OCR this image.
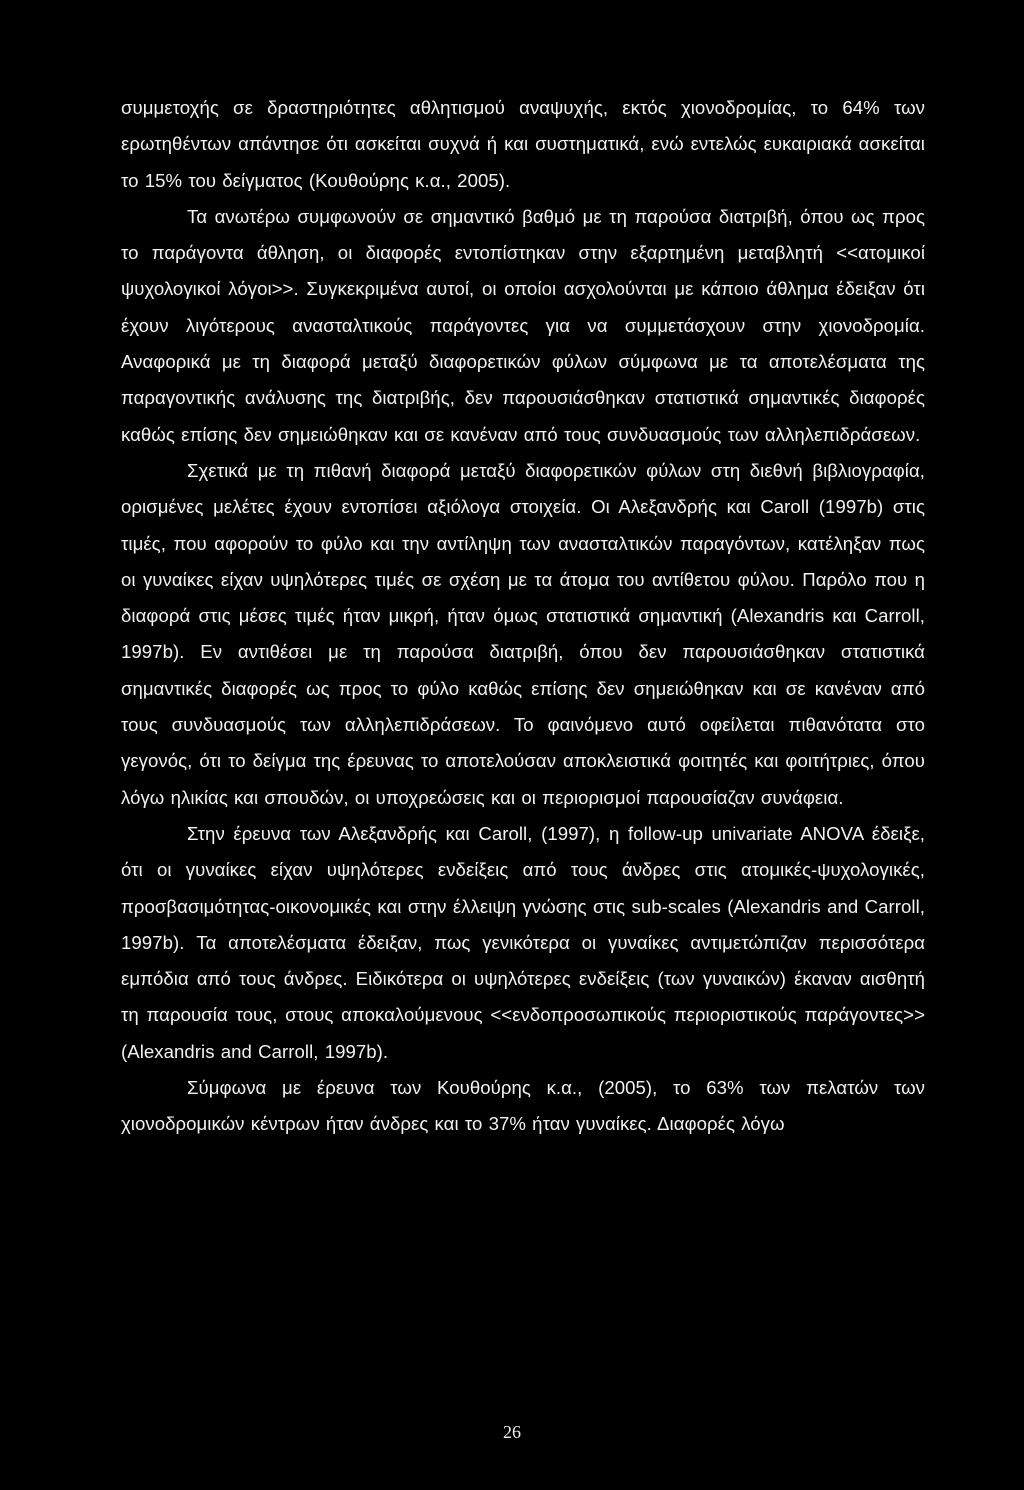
συμμετοχής σε δραστηριότητες αθλητισμού αναψυχής, εκτός χιονοδρομίας, το 64% των ερωτηθέντων απάντησε ότι ασκείται συχνά ή και συστηματικά, ενώ εντελώς ευκαιριακά ασκείται το 15% του δείγματος (Κουθούρης κ.α., 2005).

Τα ανωτέρω συμφωνούν σε σημαντικό βαθμό με τη παρούσα διατριβή, όπου ως προς το παράγοντα άθληση, οι διαφορές εντοπίστηκαν στην εξαρτημένη μεταβλητή <<ατομικοί ψυχολογικοί λόγοι>>. Συγκεκριμένα αυτοί, οι οποίοι ασχολούνται με κάποιο άθλημα έδειξαν ότι έχουν λιγότερους ανασταλτικούς παράγοντες για να συμμετάσχουν στην χιονοδρομία. Αναφορικά με τη διαφορά μεταξύ διαφορετικών φύλων σύμφωνα με τα αποτελέσματα της παραγοντικής ανάλυσης της διατριβής, δεν παρουσιάσθηκαν στατιστικά σημαντικές διαφορές καθώς επίσης δεν σημειώθηκαν και σε κανέναν από τους συνδυασμούς των αλληλεπιδράσεων.

Σχετικά με τη πιθανή διαφορά μεταξύ διαφορετικών φύλων στη διεθνή βιβλιογραφία, ορισμένες μελέτες έχουν εντοπίσει αξιόλογα στοιχεία. Οι Αλεξανδρής και Caroll (1997b) στις τιμές, που αφορούν το φύλο και την αντίληψη των ανασταλτικών παραγόντων, κατέληξαν πως οι γυναίκες είχαν υψηλότερες τιμές σε σχέση με τα άτομα του αντίθετου φύλου. Παρόλο που η διαφορά στις μέσες τιμές ήταν μικρή, ήταν όμως στατιστικά σημαντική (Alexandris και Carroll, 1997b). Εν αντιθέσει με τη παρούσα διατριβή, όπου δεν παρουσιάσθηκαν στατιστικά σημαντικές διαφορές ως προς το φύλο καθώς επίσης δεν σημειώθηκαν και σε κανέναν από τους συνδυασμούς των αλληλεπιδράσεων. Το φαινόμενο αυτό οφείλεται πιθανότατα στο γεγονός, ότι το δείγμα της έρευνας το αποτελούσαν αποκλειστικά φοιτητές και φοιτήτριες, όπου λόγω ηλικίας και σπουδών, οι υποχρεώσεις και οι περιορισμοί παρουσίαζαν συνάφεια.

Στην έρευνα των Αλεξανδρής και Caroll, (1997), η follow-up univariate ANOVA έδειξε, ότι οι γυναίκες είχαν υψηλότερες ενδείξεις από τους άνδρες στις ατομικές-ψυχολογικές, προσβασιμότητας-οικονομικές και στην έλλειψη γνώσης στις sub-scales (Alexandris and Carroll, 1997b). Τα αποτελέσματα έδειξαν, πως γενικότερα οι γυναίκες αντιμετώπιζαν περισσότερα εμπόδια από τους άνδρες. Ειδικότερα οι υψηλότερες ενδείξεις (των γυναικών) έκαναν αισθητή τη παρουσία τους, στους αποκαλούμενους <<ενδοπροσωπικούς περιοριστικούς παράγοντες>> (Alexandris and Carroll, 1997b).

Σύμφωνα με έρευνα των Κουθούρης κ.α., (2005), το 63% των πελατών των χιονοδρομικών κέντρων ήταν άνδρες και το 37% ήταν γυναίκες. Διαφορές λόγω

26
